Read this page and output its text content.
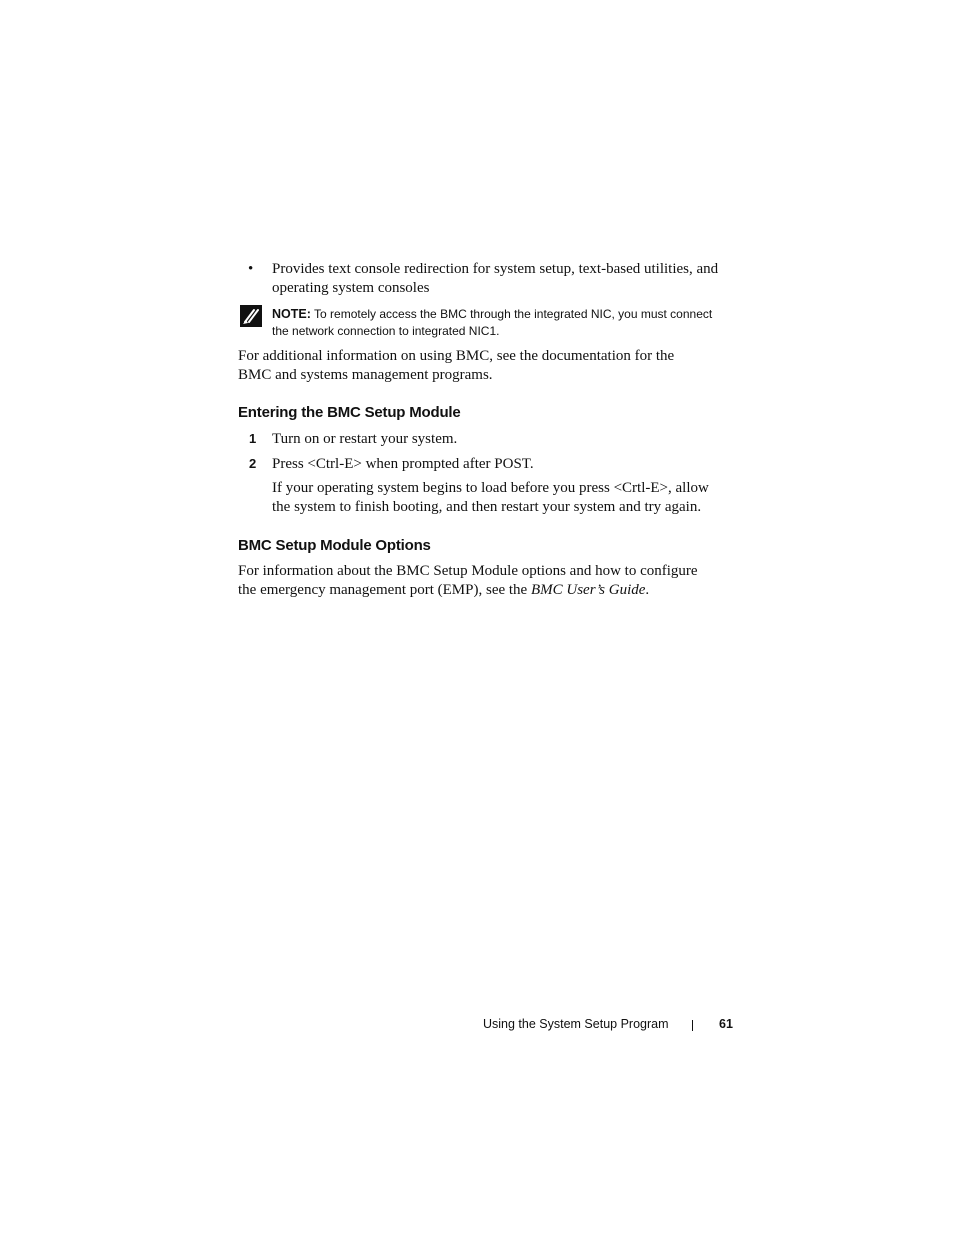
• Provides text console redirection for system setup, text-based utilities, and
operating system consoles
NOTE: To remotely access the BMC through the integrated NIC, you must connect
the network connection to integrated NIC1.
For additional information on using BMC, see the documentation for the
BMC and systems management programs.
Entering the BMC Setup Module
1 Turn on or restart your system.
2 Press <Ctrl-E> when prompted after POST.
If your operating system begins to load before you press <Crtl-E>, allow
the system to finish booting, and then restart your system and try again.
BMC Setup Module Options
For information about the BMC Setup Module options and how to configure
the emergency management port (EMP), see the BMC User’s Guide.
Using the System Setup Program	61
